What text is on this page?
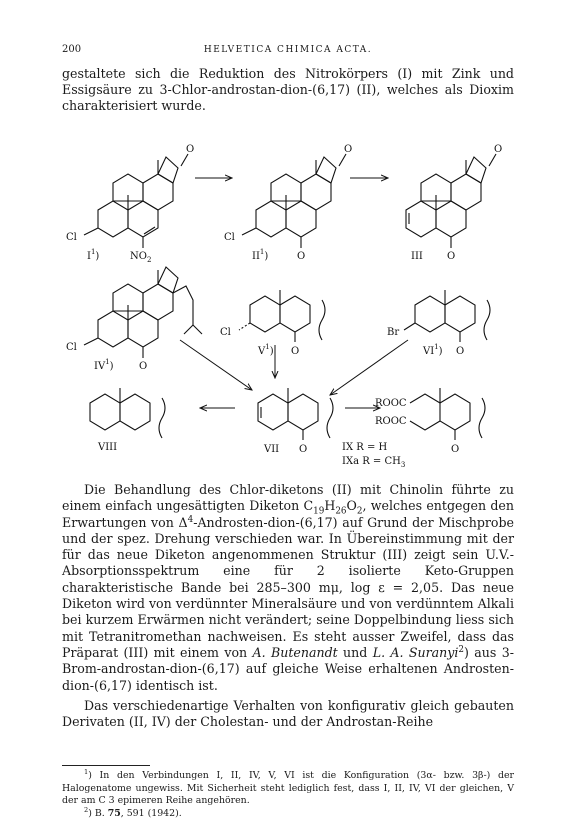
200	HELVETICA CHIMICA ACTA.
gestaltete sich die Reduktion des Nitrokörpers (I) mit Zink und Essigsäure zu 3-Chlor-androstan-dion-(6,17) (II), welches als Dioxim charakterisiert wurde.
O
Cl
$NO_2$
$I^1$)
O
O
Cl
$II^1$)
O
O
III
O
Cl
$IV^1$)
Cl
O
$V^1$)
Br
O
$VI^1$)
VIII	O
VII
ROOC
ROOC
O
IX R = H
IXa $R = CH_3$

Die Behandlung des Chlor-diketons (II) mit Chinolin führte zu einem einfach ungesättigten Diketon $C_{19}H_{26}O_2$, welches entgegen den Erwartungen von $\Delta^4-Androsten-dion-(6,17)$ auf Grund der Mischprobe und der spez. Drehung verschieden war. In Übereinstimmung mit der für das neue Diketon angenommenen Struktur (III) zeigt sein U.V.-Absorptionsspektrum eine für 2 isolierte Keto-Gruppen charakteristische Bande bei 285–300 mμ, log ε = 2,05. Das neue Diketon wird von verdünnter Mineralsäure und von verdünntem Alkali bei kurzem Erwärmen nicht verändert; seine Doppelbindung liess sich mit Tetranitromethan nachweisen. Es steht ausser Zweifel, dass das Präparat (III) mit einem von A. Butenandt und L. A. Suranyi$^2$) aus 3-Brom-androstan-dion-(6,17) auf gleiche Weise erhaltenen Androsten-dion-(6,17) identisch ist.

Das verschiedenartige Verhalten von konfigurativ gleich gebauten Derivaten (II, IV) der Cholestan- und der Androstan-Reihe

$^1$) In den Verbindungen I, II, IV, V, VI ist die Konfiguration (3α- bzw. 3β-) der Halogenatome ungewiss. Mit Sicherheit steht lediglich fest, dass I, II, IV, VI der gleichen, V der am C 3 epimeren Reihe angehören.

$^2$) B. 75, 591 (1942).
